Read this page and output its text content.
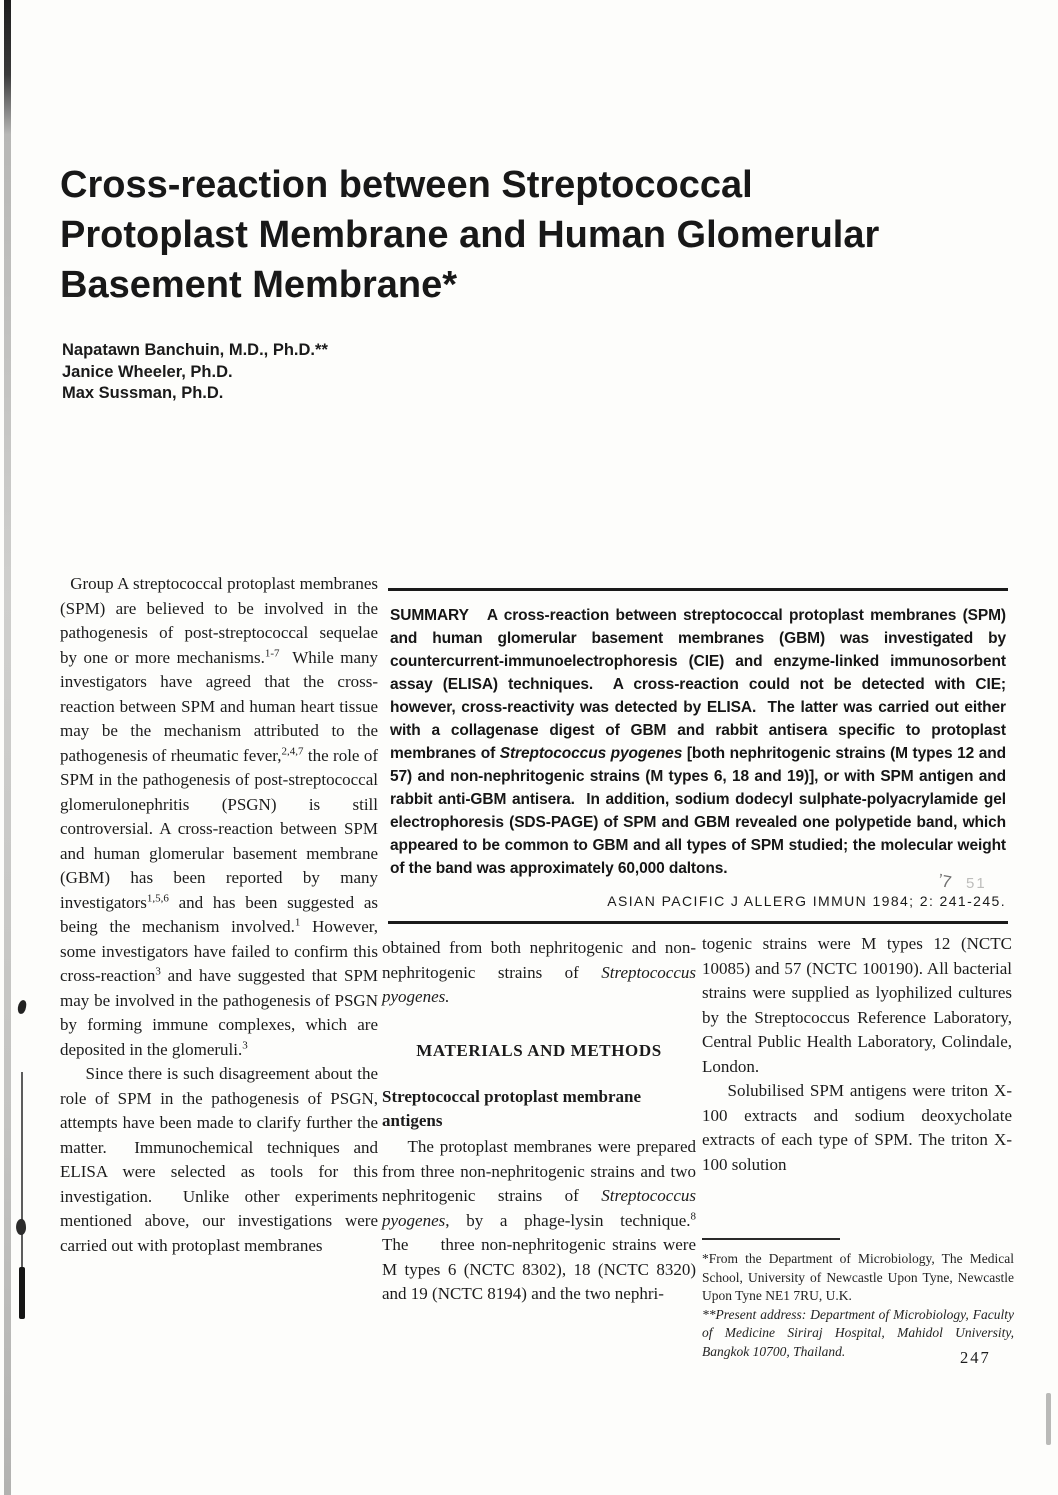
Cross-reaction between Streptococcal
Protoplast Membrane and Human Glomerular
Basement Membrane*
Napatawn Banchuin, M.D., Ph.D.**
Janice Wheeler, Ph.D.
Max Sussman, Ph.D.

Group A streptococcal protoplast membranes (SPM) are believed to be involved in the pathogenesis of post-streptococcal sequelae by one or more mechanisms.$^{1-7}$  While many investigators have agreed that the cross-reaction between SPM and human heart tissue may be the mechanism attributed to the pathogenesis of rheumatic fever,$^{2,4,7}$ the role of SPM in the pathogenesis of post-streptococcal glomerulonephritis (PSGN) is still controversial. A cross-reaction between SPM and human glomerular basement membrane (GBM) has been reported by many investigators$^{1,5,6}$ and has been suggested as being the mechanism involved.$^1$ However, some investigators have failed to confirm this cross-reaction$^3$ and have suggested that SPM may be involved in the pathogenesis of PSGN by forming immune complexes, which are deposited in the glomeruli.$^3$

Since there is such disagreement about the role of SPM in the pathogenesis of PSGN, attempts have been made to clarify further the matter.  Immunochemical techniques and ELISA were selected as tools for this investigation.  Unlike other experiments mentioned above, our investigations were carried out with protoplast membranes

SUMMARY A cross-reaction between streptococcal protoplast membranes (SPM) and human glomerular basement membranes (GBM) was investigated by countercurrent-immunoelectrophoresis (CIE) and enzyme-linked immunosorbent assay (ELISA) techniques.  A cross-reaction could not be detected with CIE; however, cross-reactivity was detected by ELISA.  The latter was carried out either with a collagenase digest of GBM and rabbit antisera specific to protoplast membranes of Streptococcus pyogenes [both nephritogenic strains (M types 12 and 57) and non-nephritogenic strains (M types 6, 18 and 19)], or with SPM antigen and rabbit anti-GBM antisera.  In addition, sodium dodecyl sulphate-polyacrylamide gel electrophoresis (SDS-PAGE) of SPM and GBM revealed one polypetide band, which appeared to be common to GBM and all types of SPM studied; the molecular weight of the band was approximately 60,000 daltons.

ʼ7 51
ASIAN PACIFIC J ALLERG IMMUN 1984; 2: 241-245.

obtained from both nephritogenic and non-nephritogenic strains of Streptococcus pyogenes.

MATERIALS AND METHODS

Streptococcal protoplast membrane antigens

The protoplast membranes were prepared from three non-nephritogenic strains and two nephritogenic strains of Streptococcus pyogenes, by a phage-lysin technique.$^8$ The     three non-nephritogenic strains were M types 6 (NCTC 8302), 18 (NCTC 8320) and 19 (NCTC 8194) and the two nephri-

togenic strains were M types 12 (NCTC 10085) and 57 (NCTC 100190). All bacterial strains were supplied as lyophilized cultures by the Streptococcus Reference Laboratory, Central Public Health Laboratory, Colindale, London.

Solubilised SPM antigens were triton X-100 extracts and sodium deoxycholate extracts of each type of SPM. The triton X-100 solution

*From the Department of Microbiology, The Medical School, University of Newcastle Upon Tyne, Newcastle Upon Tyne NE1 7RU, U.K.

**Present address: Department of Microbiology, Faculty of Medicine Siriraj Hospital, Mahidol University, Bangkok 10700, Thailand.	247
